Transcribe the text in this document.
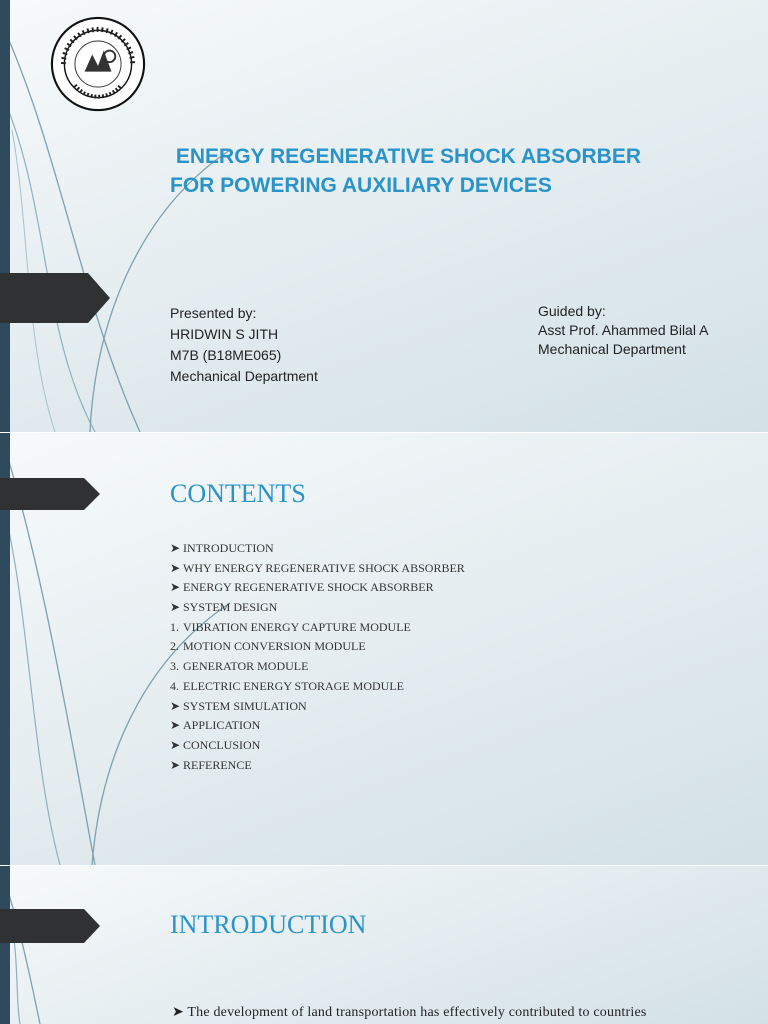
ENERGY REGENERATIVE SHOCK ABSORBER
FOR POWERING AUXILIARY DEVICES
Presented by:
HRIDWIN S JITH
M7B (B18ME065)
Mechanical Department
Guided by:
Asst Prof. Ahammed Bilal A
Mechanical Department
CONTENTS
➤ INTRODUCTION
➤ WHY ENERGY REGENERATIVE SHOCK ABSORBER
➤ ENERGY REGENERATIVE SHOCK ABSORBER
➤ SYSTEM DESIGN
1. VIBRATION ENERGY CAPTURE MODULE
2. MOTION CONVERSION MODULE
3. GENERATOR MODULE
4. ELECTRIC ENERGY STORAGE MODULE
➤ SYSTEM SIMULATION
➤ APPLICATION
➤ CONCLUSION
➤ REFERENCE
INTRODUCTION
➤ The development of land transportation has effectively contributed to countries
